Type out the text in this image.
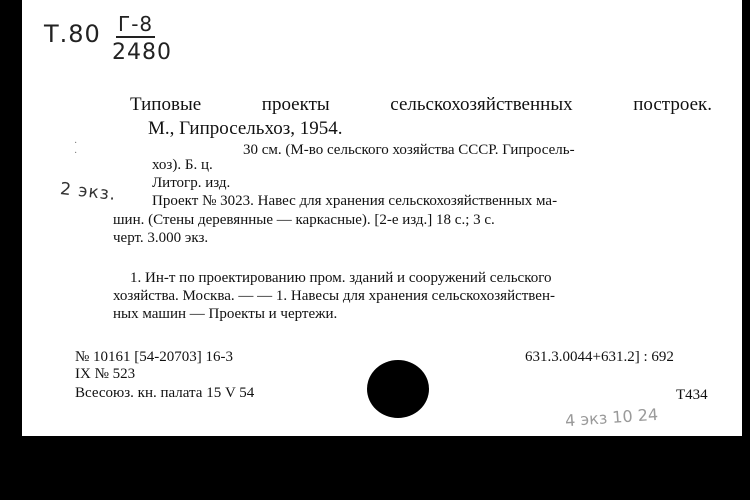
Т.80 Г-8
2480
Типовые проекты сельскохозяйственных построек.
М., Гипросельхоз, 1954.
30 см. (М-во сельского хозяйства СССР. Гипросель-
хоз). Б. ц.
Литогр. изд.
Проект № 3023. Навес для хранения сельскохозяйственных ма-
шин. (Стены деревянные — каркасные). [2-е изд.] 18 с.; 3 с.
черт. 3.000 экз.
2 экз.
1. Ин-т по проектированию пром. зданий и сооружений сельского
хозяйства. Москва. — — 1. Навесы для хранения сельскохозяйствен-
ных машин — Проекты и чертежи.
№ 10161 [54-20703] 16-3
IX № 523
Всесоюз. кн. палата 15 V 54
631.3.0044+631.2] : 692
Т434
4 экз 10 24
·
·
